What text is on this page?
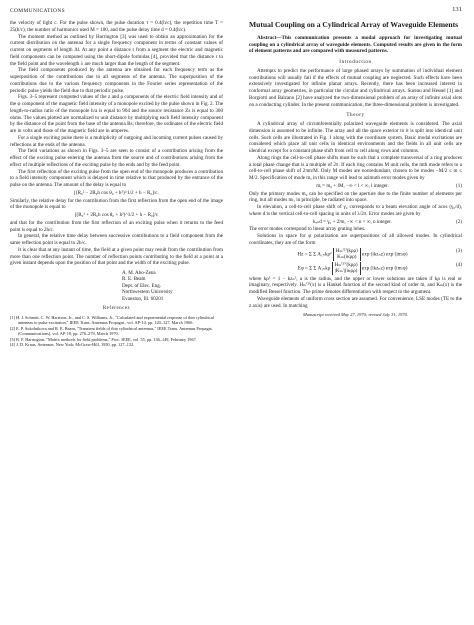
COMMUNICATIONS	131

the velocity of light c. For the pulse shown, the pulse duration τ = 0.4(h/c), the repetition time T = 25(h/c), the number of harmonics used M = 100, and the pulse delay time d = 0.4(h/c).

The moment method as outlined by Harrington [3] was used to obtain an approximation for the current distribution on the antenna for a single frequency component in terms of constant values of current on segments of length Δl. At any point a distance r from a segment the electric and magnetic field components can be computed using the short-dipole formulas [4], provided that the distance r to the field point and the wavelength λ are much larger than the length of the segment.

The field components produced by the antenna are obtained for each frequency term as the superposition of the contributions due to all segments of the antenna. The superposition of the contributions due to the various frequency components in the Fourier series representation of the periodic pulse yields the field due to that periodic pulse.

Figs. 3–5 represent computed values of the z and ρ components of the electric field intensity and of the φ component of the magnetic field intensity of a monopole excited by the pulse shown in Fig. 2. The length-to-radius ratio of the monopole h/a is equal to 904 and the source resistance Zs is equal to 300 ohms. The values plotted are normalized to unit distance by multiplying each field intensity component by the distance of the point from the base of the antenna Rs; therefore, the ordinates of the electric field are in volts and those of the magnetic field are in amperes.

For a single exciting pulse there is a multiplicity of outgoing and incoming current pulses caused by reflections at the ends of the antenna.

The field variations as shown in Figs. 3–5 are seen to consist of a contribution arising from the effect of the exciting pulse entering the antenna from the source and of contributions arising from the effect of multiple reflections of the exciting pulse by the ends and by the feed point.

The first reflection of the exciting pulse from the open end of the monopole produces a contribution to a field intensity component which is delayed in time relative to that produced by the entrance of the pulse on the antenna. The amount of the delay is equal to

[(R₀² − 2R₀h cos θ₀ + h²)^1/2 + h − R₀]/c.

Similarly, the relative delay for the contribution from the first reflection from the open end of the image of the monopole is equal to

[(R₀² + 2R₀h cos θ₀ + h²)^1/2 + h − R₀]/c

and that for the contribution from the first reflection of an exciting pulse when it returns to the feed point is equal to 2h/c.

In general, the relative time delay between successive contributions to a field component from the same reflection point is equal to 2h/c.

It is clear that at any instant of time, the field at a given point may result from the contribution from more than one reflection point. The number of reflection points contributing to the field at a point at a given instant depends upon the position of that point and the width of the exciting pulse.

A. M. Abo-Zena
R. E. Beam
Dept. of Elec. Eng.
Northwestern University
Evanston, Ill. 60201
References

[1] H. J. Schmitt, C. W. Harrison, Jr., and C. S. Williams, Jr., "Calculated and experimental response of thin cylindrical antennas to pulse excitation," IEEE Trans. Antennas Propagat., vol. AP-14, pp. 120–127, March 1966.

[2] E. P. Sokolnikova and R. E. Beam, "Transient fields of thin cylindrical antennas," IEEE Trans. Antennas Propagat. (Communications), vol. AP-18, pp. 276–279, March 1970.

[3] R. F. Harrington, "Matrix methods for field problems," Proc. IEEE, vol. 55, pp. 136–149, February 1967.

[4] J. D. Kraus, Antennas. New York: McGraw-Hill, 1950, pp. 127–132.

Mutual Coupling on a Cylindrical Array of Waveguide Elements

Abstract—This communication presents a modal approach for investigating mutual coupling on a cylindrical array of waveguide elements. Computed results are given in the form of element patterns and are compared with measured patterns.

Introduction

Attempts to predict the performance of large phased arrays by summation of individual element contributions will usually fail if the effects of mutual coupling are neglected. Such effects have been extensively investigated for infinite planar arrays. Recently, there has been increased interest in conformal array geometries, in particular the circular and cylindrical arrays. Sureau and Hessel [1] and Borgiotti and Balzano [2] have analyzed the two-dimensional problem of an array of infinite axial slots on a conducting cylinder. In the present communication, the three-dimensional problem is investigated.

Theory

A cylindrical array of circumferentially polarized waveguide elements is considered. The axial dimension is assumed to be infinite. The array and all the space exterior to it is split into identical unit cells. Such cells are illustrated in Fig. 1 along with the coordinate system. Basic modal excitations are considered which place all unit cells in identical environments and the fields in all unit cells are identical except for a constant phase shift from cell to cell along rows and columns.

Along rings the cell-to-cell phase shifts must be such that a complete transversal of a ring produces a total phase change that is a multiple of 2π. If each ring contains M unit cells, the mth mode refers to a cell-to-cell phase shift of 2πm/M. Only M modes are nonredundant, chosen to be modes −M/2 ≤ m ≤ M/2. Specification of mode mₐ in this range will lead to azimuth error modes given by

mᵢ = m₀ + lM, −∞ < l < ∞, l integer.	(1)

Only the primary modes m₀ can be specified on the aperture due to the finite number of elements per ring, but all modes mₗ, in principle, be radiated into space.

In elevation, a cell-to-cell phase shift of γ₀ corresponds to a beam elevation angle of acos (γ₀/d), where d is the vertical cell-to-cell spacing in units of λ/2π. Error modes are given by

kₓₙd = γ₀ + 2πn, −∞ < n < ∞, n integer.	(2)

The error modes correspond to linear array grating lobes.

Solutions in space for φ polarization are superpositions of all allowed modes. In cylindrical coordinates, they are of the form

Hz = Σ Σ A₁ₙkρ² Hₘ⁽²⁾(kρρ)
Kₘ(iκρρ) exp (ikzₙz) exp (imₗφ)
(3)
Eφ = Σ Σ A₁ₙkρ Hₘ⁽²⁾′(kρρ)
|Kₘ′|(iκρρ) exp (ikzₙz) exp (imₗφ)
(4)

where kρ² = 1 − kzₙ², a is the radius, and the upper or lower solutions are taken if kρ is real or imaginary, respectively. Hₘ⁽²⁾(x) is a Hankel function of the second kind of order m, and Kₘ(x) is the modified Bessel function. The prime denotes differentiation with respect to the argument.

Waveguide elements of uniform cross section are assumed. For convenience, LSE modes (TE to the z axis) are used. In matching

Manuscript received May 27, 1970; revised July 31, 1970.
